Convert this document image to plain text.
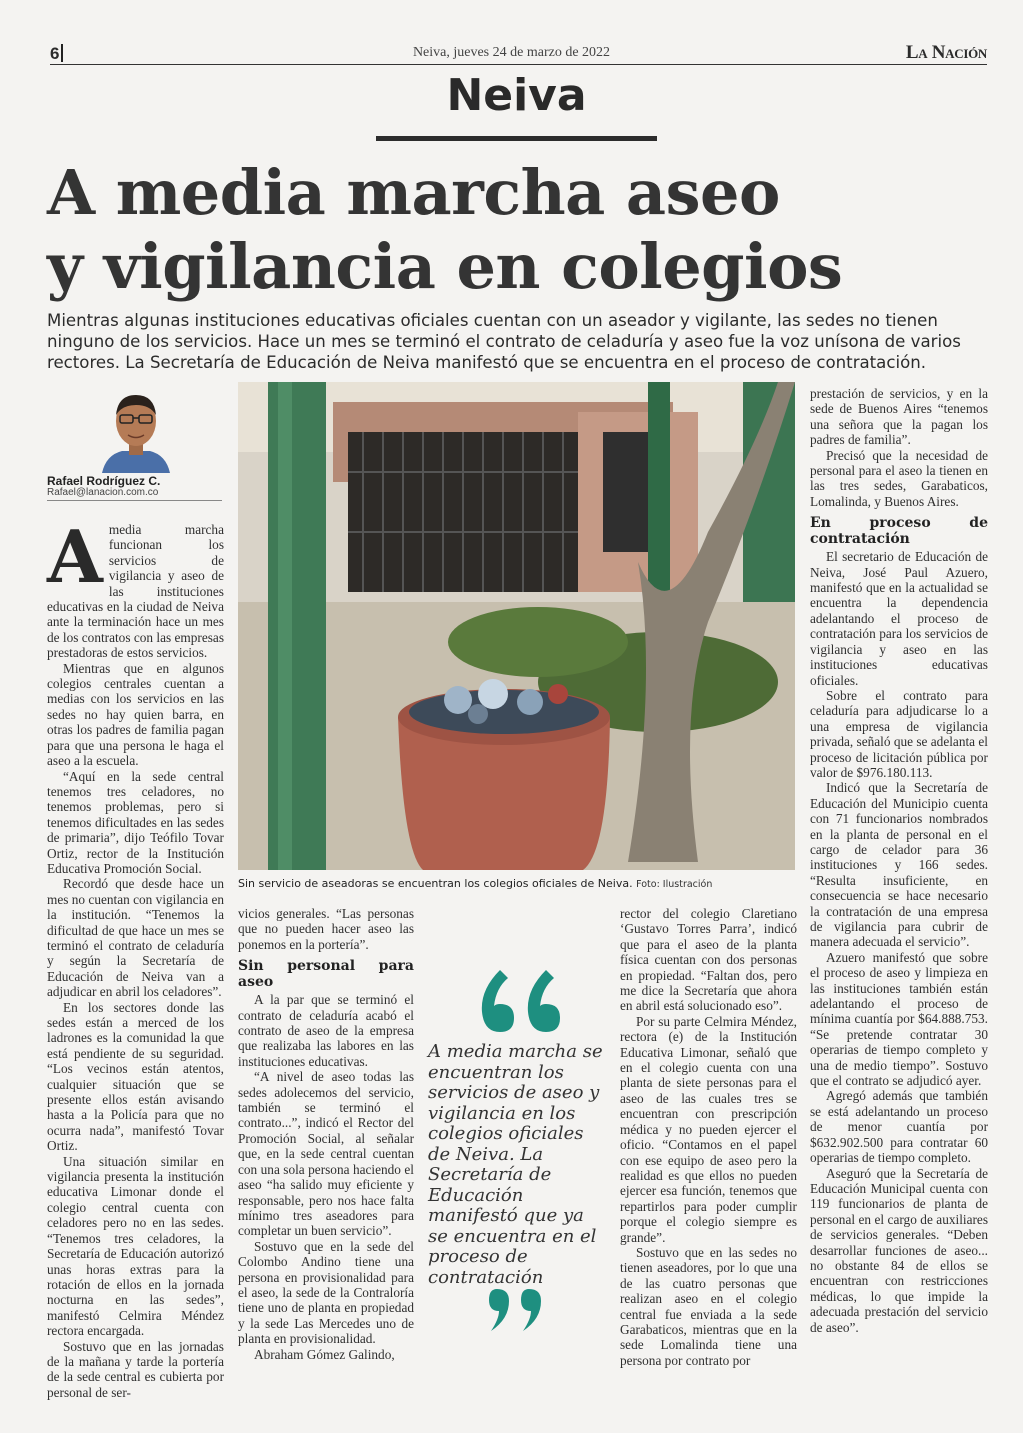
6	Neiva, jueves 24 de marzo de 2022	La Nación
Neiva
A media marcha aseo
y vigilancia en colegios
Mientras algunas instituciones educativas oficiales cuentan con un aseador y vigilante, las sedes no tienen ninguno de los servicios. Hace un mes se terminó el contrato de celaduría y aseo fue la voz unísona de varios rectores. La Secretaría de Educación de Neiva manifestó que se encuentra en el proceso de contratación.
Rafael Rodríguez C.
Rafael@lanacion.com.co
A media marcha funcionan los servicios de vigilancia y aseo de las instituciones educativas en la ciudad de Neiva ante la terminación hace un mes de los contratos con las empresas prestadoras de estos servicios.

Mientras que en algunos colegios centrales cuentan a medias con los servicios en las sedes no hay quien barra, en otras los padres de familia pagan para que una persona le haga el aseo a la escuela.

“Aquí en la sede central tenemos tres celadores, no tenemos problemas, pero si tenemos dificultades en las sedes de primaria”, dijo Teófilo Tovar Ortiz, rector de la Institución Educativa Promoción Social.

Recordó que desde hace un mes no cuentan con vigilancia en la institución. “Tenemos la dificultad de que hace un mes se terminó el contrato de celaduría y según la Secretaría de Educación de Neiva van a adjudicar en abril los celadores”.

En los sectores donde las sedes están a merced de los ladrones es la comunidad la que está pendiente de su seguridad. “Los vecinos están atentos, cualquier situación que se presente ellos están avisando hasta a la Policía para que no ocurra nada”, manifestó Tovar Ortiz.

Una situación similar en vigilancia presenta la institución educativa Limonar donde el colegio central cuenta con celadores pero no en las sedes. “Tenemos tres celadores, la Secretaría de Educación autorizó unas horas extras para la rotación de ellos en la jornada nocturna en las sedes”, manifestó Celmira Méndez rectora encargada.

Sostuvo que en las jornadas de la mañana y tarde la portería de la sede central es cubierta por personal de ser-

Sin servicio de aseadoras se encuentran los colegios oficiales de Neiva. Foto: Ilustración

vicios generales. “Las personas que no pueden hacer aseo las ponemos en la portería”.

Sin personal para aseo

A la par que se terminó el contrato de celaduría acabó el contrato de aseo de la empresa que realizaba las labores en las instituciones educativas.

“A nivel de aseo todas las sedes adolecemos del servicio, también se terminó el contrato...”, indicó el Rector del Promoción Social, al señalar que, en la sede central cuentan con una sola persona haciendo el aseo “ha salido muy eficiente y responsable, pero nos hace falta mínimo tres aseadores para completar un buen servicio”.

Sostuvo que en la sede del Colombo Andino tiene una persona en provisionalidad para el aseo, la sede de la Contraloría tiene uno de planta en propiedad y la sede Las Mercedes uno de planta en provisionalidad.

Abraham Gómez Galindo,

A media marcha se encuentran los servicios de aseo y vigilancia en los colegios oficiales de Neiva. La Secretaría de Educación manifestó que ya se encuentra en el proceso de contratación

rector del colegio Claretiano ‘Gustavo Torres Parra’, indicó que para el aseo de la planta física cuentan con dos personas en propiedad. “Faltan dos, pero me dice la Secretaría que ahora en abril está solucionado eso”.

Por su parte Celmira Méndez, rectora (e) de la Institución Educativa Limonar, señaló que en el colegio cuenta con una planta de siete personas para el aseo de las cuales tres se encuentran con prescripción médica y no pueden ejercer el oficio. “Contamos en el papel con ese equipo de aseo pero la realidad es que ellos no pueden ejercer esa función, tenemos que repartirlos para poder cumplir porque el colegio siempre es grande”.

Sostuvo que en las sedes no tienen aseadores, por lo que una de las cuatro personas que realizan aseo en el colegio central fue enviada a la sede Garabaticos, mientras que en la sede Lomalinda tiene una persona por contrato por

prestación de servicios, y en la sede de Buenos Aires “tenemos una señora que la pagan los padres de familia”.

Precisó que la necesidad de personal para el aseo la tienen en las tres sedes, Garabaticos, Lomalinda, y Buenos Aires.

En proceso de contratación

El secretario de Educación de Neiva, José Paul Azuero, manifestó que en la actualidad se encuentra la dependencia adelantando el proceso de contratación para los servicios de vigilancia y aseo en las instituciones educativas oficiales.

Sobre el contrato para celaduría para adjudicarse lo a una empresa de vigilancia privada, señaló que se adelanta el proceso de licitación pública por valor de $976.180.113.

Indicó que la Secretaría de Educación del Municipio cuenta con 71 funcionarios nombrados en la planta de personal en el cargo de celador para 36 instituciones y 166 sedes. “Resulta insuficiente, en consecuencia se hace necesario la contratación de una empresa de vigilancia para cubrir de manera adecuada el servicio”.

Azuero manifestó que sobre el proceso de aseo y limpieza en las instituciones también están adelantando el proceso de mínima cuantía por $64.888.753. “Se pretende contratar 30 operarias de tiempo completo y una de medio tiempo”. Sostuvo que el contrato se adjudicó ayer.

Agregó además que también se está adelantando un proceso de menor cuantía por $632.902.500 para contratar 60 operarias de tiempo completo.

Aseguró que la Secretaría de Educación Municipal cuenta con 119 funcionarios de planta de personal en el cargo de auxiliares de servicios generales. “Deben desarrollar funciones de aseo... no obstante 84 de ellos se encuentran con restricciones médicas, lo que impide la adecuada prestación del servicio de aseo”.
